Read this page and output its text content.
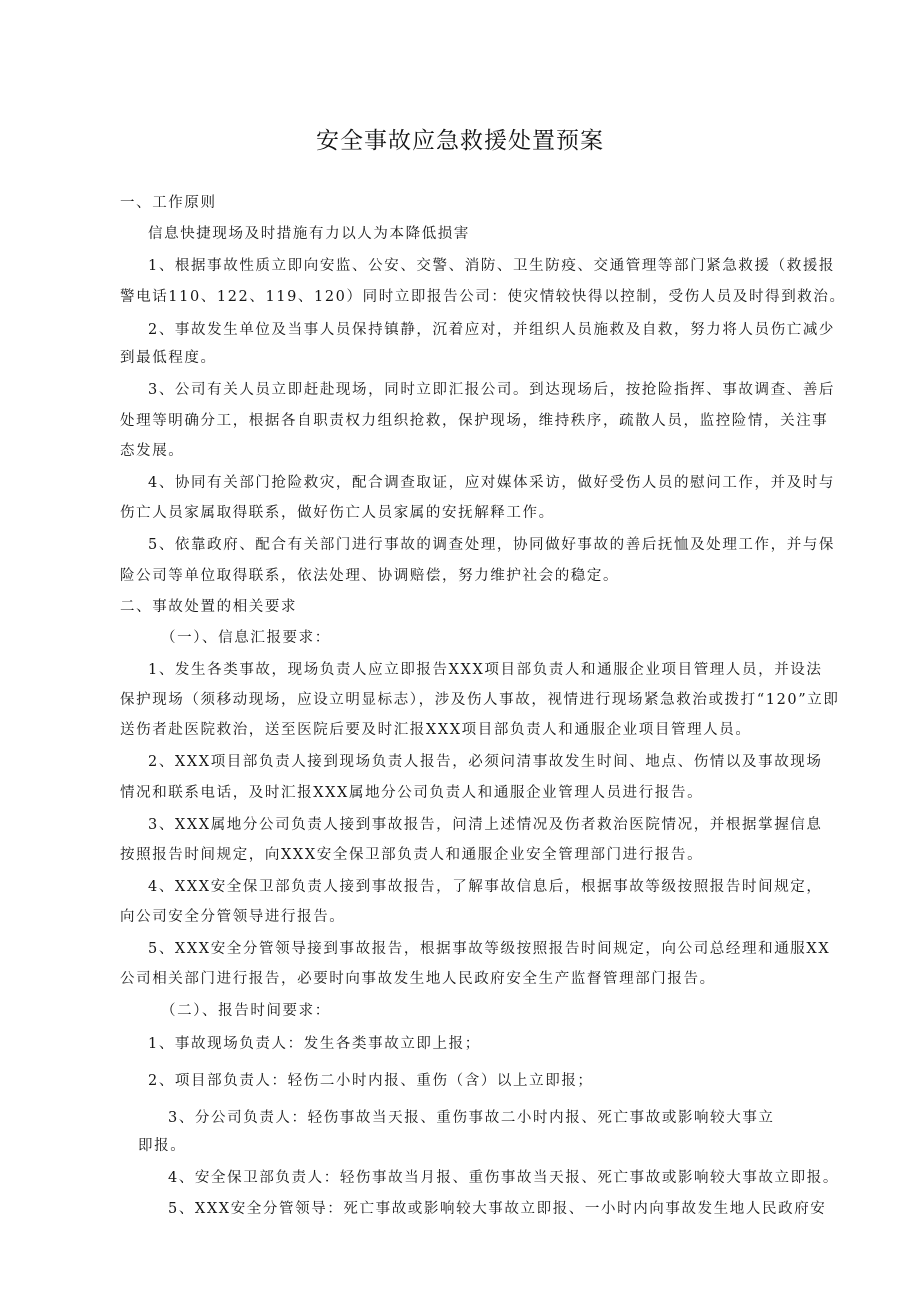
安全事故应急救援处置预案
一、工作原则
信息快捷现场及时措施有力以人为本降低损害
1、根据事故性质立即向安监、公安、交警、消防、卫生防疫、交通管理等部门紧急救援（救援报
警电话110、122、119、120）同时立即报告公司：使灾情较快得以控制，受伤人员及时得到救治。
2、事故发生单位及当事人员保持镇静，沉着应对，并组织人员施救及自救，努力将人员伤亡减少
到最低程度。
3、公司有关人员立即赶赴现场，同时立即汇报公司。到达现场后，按抢险指挥、事故调查、善后
处理等明确分工，根据各自职责权力组织抢救，保护现场，维持秩序，疏散人员，监控险情，关注事
态发展。
4、协同有关部门抢险救灾，配合调查取证，应对媒体采访，做好受伤人员的慰问工作，并及时与
伤亡人员家属取得联系，做好伤亡人员家属的安抚解释工作。
5、依靠政府、配合有关部门进行事故的调查处理，协同做好事故的善后抚恤及处理工作，并与保
险公司等单位取得联系，依法处理、协调赔偿，努力维护社会的稳定。
二、事故处置的相关要求
（一）、信息汇报要求：
1、发生各类事故，现场负责人应立即报告XXX项目部负责人和通服企业项目管理人员，并设法
保护现场（须移动现场，应设立明显标志），涉及伤人事故，视情进行现场紧急救治或拨打“120”立即
送伤者赴医院救治，送至医院后要及时汇报XXX项目部负责人和通服企业项目管理人员。
2、XXX项目部负责人接到现场负责人报告，必须问清事故发生时间、地点、伤情以及事故现场
情况和联系电话，及时汇报XXX属地分公司负责人和通服企业管理人员进行报告。
3、XXX属地分公司负责人接到事故报告，问清上述情况及伤者救治医院情况，并根据掌握信息
按照报告时间规定，向XXX安全保卫部负责人和通服企业安全管理部门进行报告。
4、XXX安全保卫部负责人接到事故报告，了解事故信息后，根据事故等级按照报告时间规定，
向公司安全分管领导进行报告。
5、XXX安全分管领导接到事故报告，根据事故等级按照报告时间规定，向公司总经理和通服XX
公司相关部门进行报告，必要时向事故发生地人民政府安全生产监督管理部门报告。
（二）、报告时间要求：
1、事故现场负责人：发生各类事故立即上报；
2、项目部负责人：轻伤二小时内报、重伤（含）以上立即报；
3、分公司负责人：轻伤事故当天报、重伤事故二小时内报、死亡事故或影响较大事立
即报。
4、安全保卫部负责人：轻伤事故当月报、重伤事故当天报、死亡事故或影响较大事故立即报。
5、XXX安全分管领导：死亡事故或影响较大事故立即报、一小时内向事故发生地人民政府安
